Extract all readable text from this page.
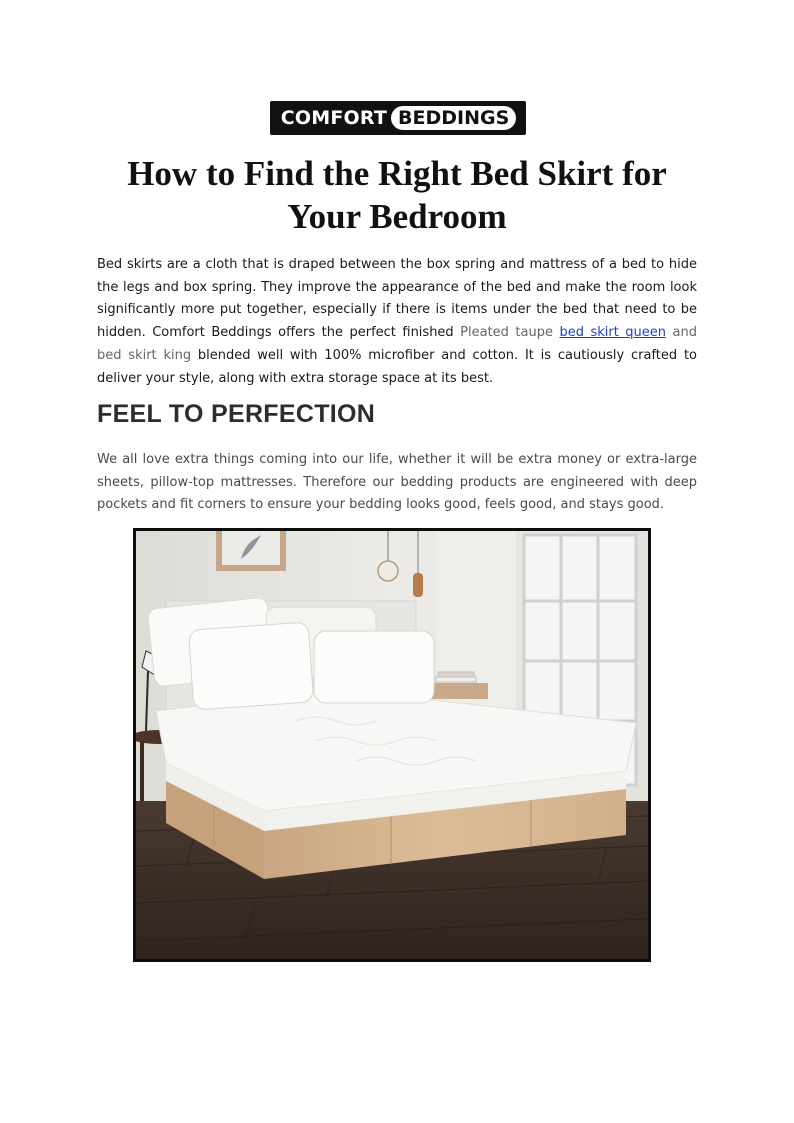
COMFORT BEDDINGS
How to Find the Right Bed Skirt for Your Bedroom

Bed skirts are a cloth that is draped between the box spring and mattress of a bed to hide the legs and box spring. They improve the appearance of the bed and make the room look significantly more put together, especially if there is items under the bed that need to be hidden. Comfort Beddings offers the perfect finished Pleated taupe bed skirt queen and bed skirt king blended well with 100% microfiber and cotton. It is cautiously crafted to deliver your style, along with extra storage space at its best.

FEEL TO PERFECTION

We all love extra things coming into our life, whether it will be extra money or extra-large sheets, pillow-top mattresses. Therefore our bedding products are engineered with deep pockets and fit corners to ensure your bedding looks good, feels good, and stays good.
